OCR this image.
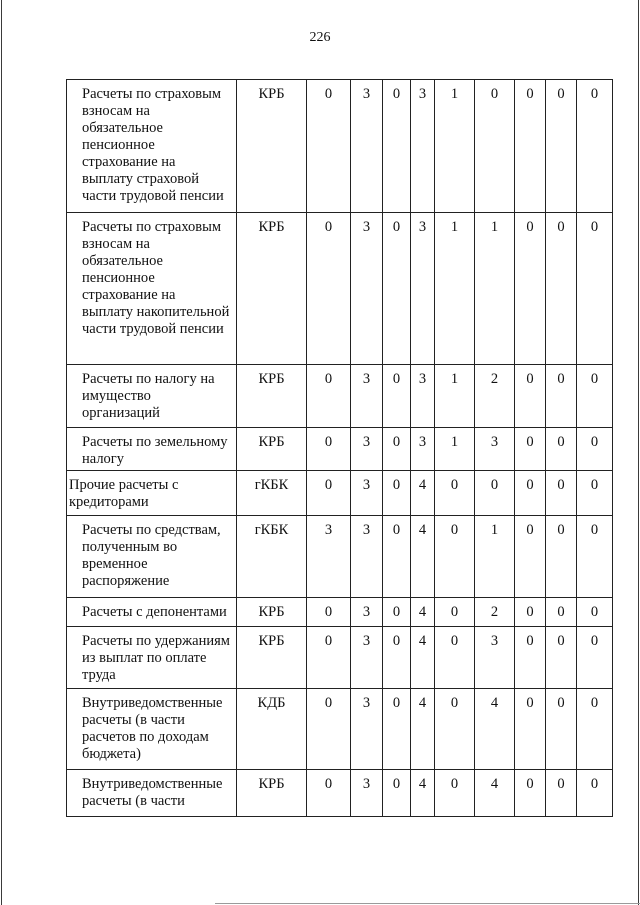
226
Расчеты по страховым взносам на обязательное пенсионное страхование на выплату страховой части трудовой пенсии	КРБ	0	3	0	3	1	0	0	0	0
Расчеты по страховым взносам на обязательное пенсионное страхование на выплату накопительной части трудовой пенсии	КРБ	0	3	0	3	1	1	0	0	0
Расчеты по налогу на имущество организаций	КРБ	0	3	0	3	1	2	0	0	0
Расчеты по земельному налогу	КРБ	0	3	0	3	1	3	0	0	0
Прочие расчеты с кредиторами	гКБК	0	3	0	4	0	0	0	0	0
Расчеты по средствам, полученным во временное распоряжение	гКБК	3	3	0	4	0	1	0	0	0
Расчеты с депонентами	КРБ	0	3	0	4	0	2	0	0	0
Расчеты по удержаниям из выплат по оплате труда	КРБ	0	3	0	4	0	3	0	0	0
Внутриведомственные расчеты (в части расчетов по доходам бюджета)	КДБ	0	3	0	4	0	4	0	0	0
Внутриведомственные расчеты (в части	КРБ	0	3	0	4	0	4	0	0	0
